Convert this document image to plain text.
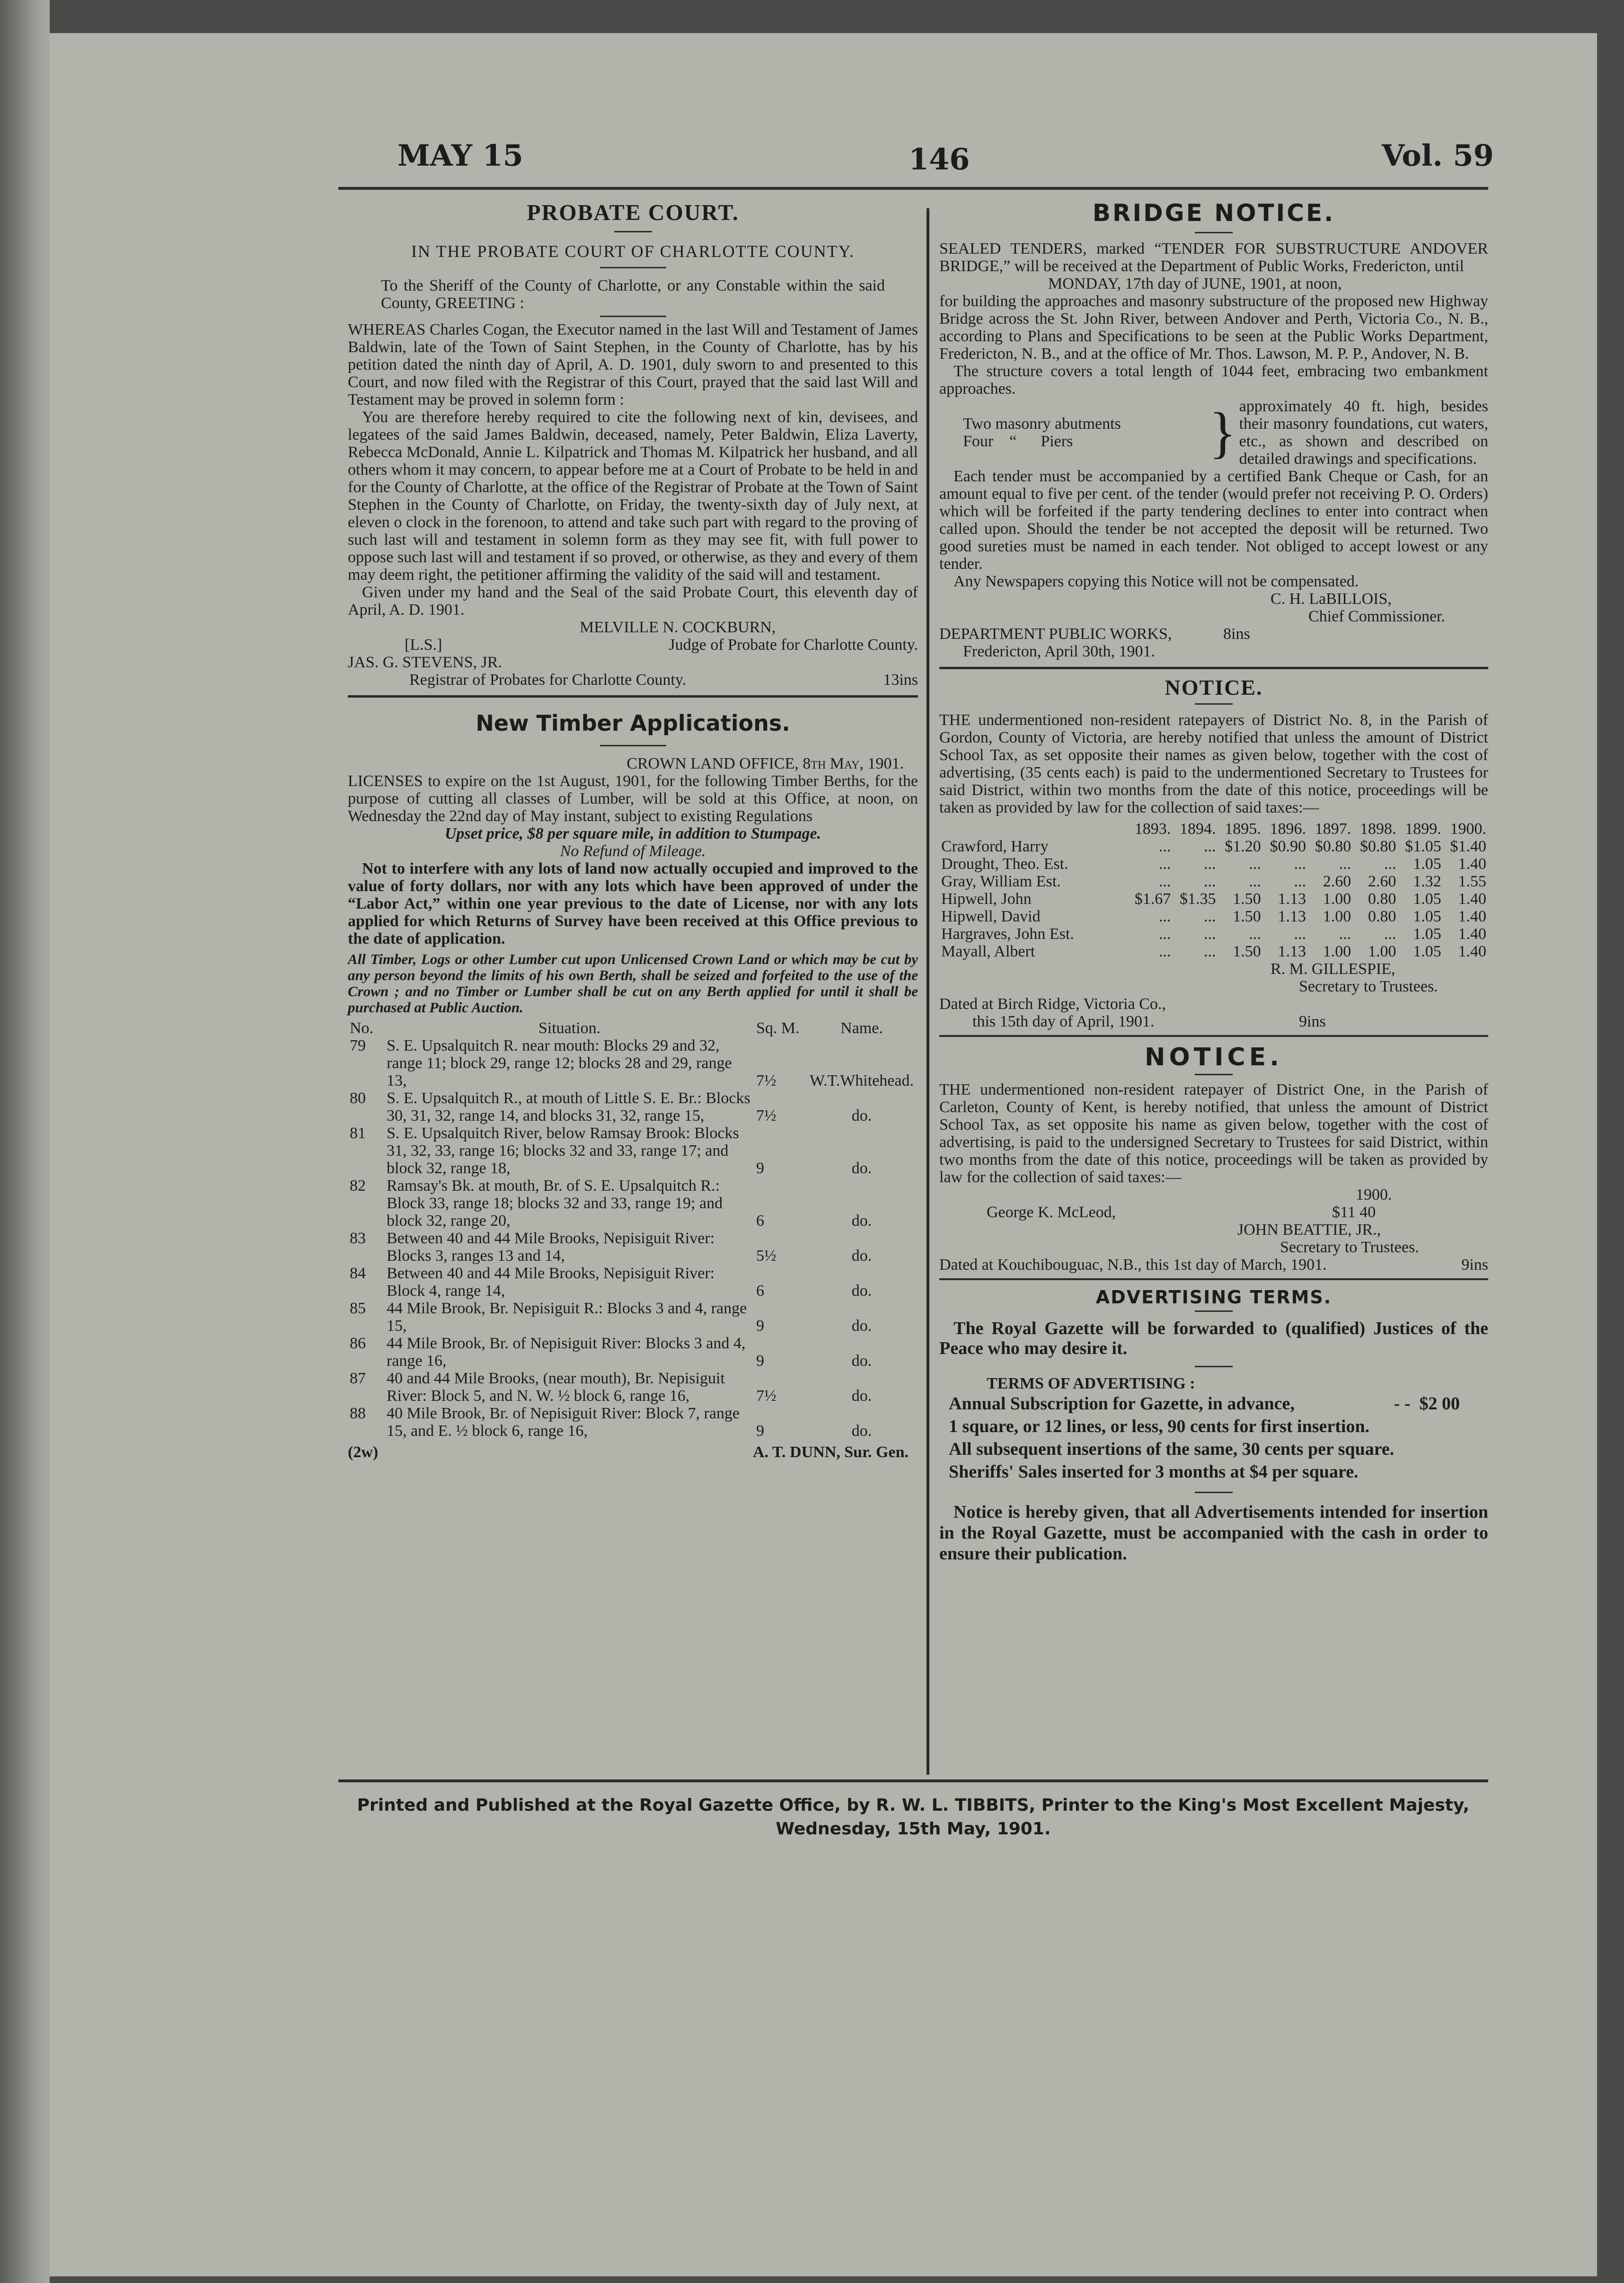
MAY 15	146	Vol. 59
PROBATE COURT.
IN THE PROBATE COURT OF CHARLOTTE COUNTY.

To the Sheriff of the County of Charlotte, or any Constable within the said County, GREETING :

WHEREAS Charles Cogan, the Executor named in the last Will and Testament of James Baldwin, late of the Town of Saint Stephen, in the County of Charlotte, has by his petition dated the ninth day of April, A. D. 1901, duly sworn to and presented to this Court, and now filed with the Registrar of this Court, prayed that the said last Will and Testament may be proved in solemn form :

You are therefore hereby required to cite the following next of kin, devisees, and legatees of the said James Baldwin, deceased, namely, Peter Baldwin, Eliza Laverty, Rebecca McDonald, Annie L. Kilpatrick and Thomas M. Kilpatrick her husband, and all others whom it may concern, to appear before me at a Court of Probate to be held in and for the County of Charlotte, at the office of the Registrar of Probate at the Town of Saint Stephen in the County of Charlotte, on Friday, the twenty-sixth day of July next, at eleven o clock in the forenoon, to attend and take such part with regard to the proving of such last will and testament in solemn form as they may see fit, with full power to oppose such last will and testament if so proved, or otherwise, as they and every of them may deem right, the petitioner affirming the validity of the said will and testament.

Given under my hand and the Seal of the said Probate Court, this eleventh day of April, A. D. 1901.

MELVILLE N. COCKBURN,
[L.S.]	Judge of Probate for Charlotte County.
JAS. G. STEVENS, JR.
Registrar of Probates for Charlotte County.	13ins
New Timber Applications.
CROWN LAND OFFICE, 8th May, 1901.

LICENSES to expire on the 1st August, 1901, for the following Timber Berths, for the purpose of cutting all classes of Lumber, will be sold at this Office, at noon, on Wednesday the 22nd day of May instant, subject to existing Regulations

Upset price, $8 per square mile, in addition to Stumpage.
No Refund of Mileage.

Not to interfere with any lots of land now actually occupied and improved to the value of forty dollars, nor with any lots which have been approved of under the “Labor Act,” within one year previous to the date of License, nor with any lots applied for which Returns of Survey have been received at this Office previous to the date of application.

All Timber, Logs or other Lumber cut upon Unlicensed Crown Land or which may be cut by any person beyond the limits of his own Berth, shall be seized and forfeited to the use of the Crown ; and no Timber or Lumber shall be cut on any Berth applied for until it shall be purchased at Public Auction.

No.	Situation.	Sq. M.	Name.
79	S. E. Upsalquitch R. near mouth: Blocks 29 and 32, range 11; block 29, range 12; blocks 28 and 29, range 13,	7½	W.T.Whitehead.
80	S. E. Upsalquitch R., at mouth of Little S. E. Br.: Blocks 30, 31, 32, range 14, and blocks 31, 32, range 15,	7½	do.
81	S. E. Upsalquitch River, below Ramsay Brook: Blocks 31, 32, 33, range 16; blocks 32 and 33, range 17; and block 32, range 18,	9	do.
82	Ramsay's Bk. at mouth, Br. of S. E. Upsalquitch R.: Block 33, range 18; blocks 32 and 33, range 19; and block 32, range 20,	6	do.
83	Between 40 and 44 Mile Brooks, Nepisiguit River: Blocks 3, ranges 13 and 14,	5½	do.
84	Between 40 and 44 Mile Brooks, Nepisiguit River: Block 4, range 14,	6	do.
85	44 Mile Brook, Br. Nepisiguit R.: Blocks 3 and 4, range 15,	9	do.
86	44 Mile Brook, Br. of Nepisiguit River: Blocks 3 and 4, range 16,	9	do.
87	40 and 44 Mile Brooks, (near mouth), Br. Nepisiguit River: Block 5, and N. W. ½ block 6, range 16,	7½	do.
88	40 Mile Brook, Br. of Nepisiguit River: Block 7, range 15, and E. ½ block 6, range 16,	9	do.
(2w)	A. T. DUNN, Sur. Gen.
BRIDGE NOTICE.

SEALED TENDERS, marked “TENDER FOR SUBSTRUCTURE ANDOVER BRIDGE,” will be received at the Department of Public Works, Fredericton, until

MONDAY, 17th day of JUNE, 1901, at noon,

for building the approaches and masonry substructure of the proposed new Highway Bridge across the St. John River, between Andover and Perth, Victoria Co., N. B., according to Plans and Specifications to be seen at the Public Works Department, Fredericton, N. B., and at the office of Mr. Thos. Lawson, M. P. P., Andover, N. B.

The structure covers a total length of 1044 feet, embracing two embankment approaches.

Two masonry abutments
Four    “      Piers	} approximately 40 ft. high, besides their masonry foundations, cut waters, etc., as shown and described on detailed drawings and specifications.

Each tender must be accompanied by a certified Bank Cheque or Cash, for an amount equal to five per cent. of the tender (would prefer not receiving P. O. Orders) which will be forfeited if the party tendering declines to enter into contract when called upon. Should the tender be not accepted the deposit will be returned. Two good sureties must be named in each tender. Not obliged to accept lowest or any tender.

Any Newspapers copying this Notice will not be compensated.

C. H. LaBILLOIS,
Chief Commissioner.
DEPARTMENT PUBLIC WORKS,	8ins
Fredericton, April 30th, 1901.
NOTICE.

THE undermentioned non-resident ratepayers of District No. 8, in the Parish of Gordon, County of Victoria, are hereby notified that unless the amount of District School Tax, as set opposite their names as given below, together with the cost of advertising, (35 cents each) is paid to the undermentioned Secretary to Trustees for said District, within two months from the date of this notice, proceedings will be taken as provided by law for the collection of said taxes:—

	1893.	1894.	1895.	1896.	1897.	1898.	1899.	1900.
Crawford, Harry	...	...	$1.20	$0.90	$0.80	$0.80	$1.05	$1.40
Drought, Theo. Est.	...	...	...	...	...	...	1.05	1.40
Gray, William Est.	...	...	...	...	2.60	2.60	1.32	1.55
Hipwell, John	$1.67	$1.35	1.50	1.13	1.00	0.80	1.05	1.40
Hipwell, David	...	...	1.50	1.13	1.00	0.80	1.05	1.40
Hargraves, John Est.	...	...	...	...	...	...	1.05	1.40
Mayall, Albert	...	...	1.50	1.13	1.00	1.00	1.05	1.40
R. M. GILLESPIE,
Secretary to Trustees.
Dated at Birch Ridge, Victoria Co.,
this 15th day of April, 1901.	9ins
NOTICE.

THE undermentioned non-resident ratepayer of District One, in the Parish of Carleton, County of Kent, is hereby notified, that unless the amount of District School Tax, as set opposite his name as given below, together with the cost of advertising, is paid to the undersigned Secretary to Trustees for said District, within two months from the date of this notice, proceedings will be taken as provided by law for the collection of said taxes:—

1900.
George K. McLeod,	$11 40
JOHN BEATTIE, JR.,
Secretary to Trustees.
Dated at Kouchibouguac, N.B., this 1st day of March, 1901.	9ins
ADVERTISING TERMS.

The Royal Gazette will be forwarded to (qualified) Justices of the Peace who may desire it.

TERMS OF ADVERTISING :
Annual Subscription for Gazette, in advance,	- -  $2 00
1 square, or 12 lines, or less, 90 cents for first insertion.
All subsequent insertions of the same, 30 cents per square.
Sheriffs' Sales inserted for 3 months at $4 per square.

Notice is hereby given, that all Advertisements intended for insertion in the Royal Gazette, must be accompanied with the cash in order to ensure their publication.

Printed and Published at the Royal Gazette Office, by R. W. L. TIBBITS, Printer to the King's Most Excellent Majesty,
Wednesday, 15th May, 1901.
